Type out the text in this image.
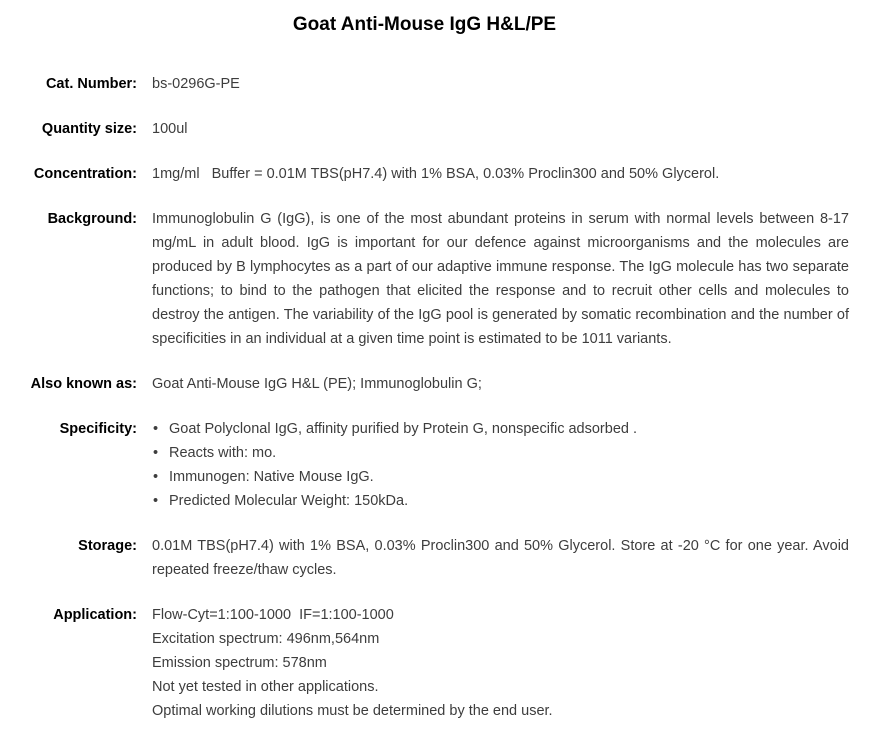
Goat Anti-Mouse IgG H&L/PE
Cat. Number: bs-0296G-PE
Quantity size: 100ul
Concentration: 1mg/ml   Buffer = 0.01M TBS(pH7.4) with 1% BSA, 0.03% Proclin300 and 50% Glycerol.
Background: Immunoglobulin G (IgG), is one of the most abundant proteins in serum with normal levels between 8-17 mg/mL in adult blood. IgG is important for our defence against microorganisms and the molecules are produced by B lymphocytes as a part of our adaptive immune response. The IgG molecule has two separate functions; to bind to the pathogen that elicited the response and to recruit other cells and molecules to destroy the antigen. The variability of the IgG pool is generated by somatic recombination and the number of specificities in an individual at a given time point is estimated to be 1011 variants.
Also known as: Goat Anti-Mouse IgG H&L (PE); Immunoglobulin G;
Specificity:	• Goat Polyclonal IgG, affinity purified by Protein G, nonspecific adsorbed .
• Reacts with: mo.
• Immunogen: Native Mouse IgG.
• Predicted Molecular Weight: 150kDa.
Storage: 0.01M TBS(pH7.4) with 1% BSA, 0.03% Proclin300 and 50% Glycerol. Store at -20 °C for one year. Avoid repeated freeze/thaw cycles.
Application: Flow-Cyt=1:100-1000  IF=1:100-1000
Excitation spectrum: 496nm,564nm
Emission spectrum: 578nm
Not yet tested in other applications.
Optimal working dilutions must be determined by the end user.
